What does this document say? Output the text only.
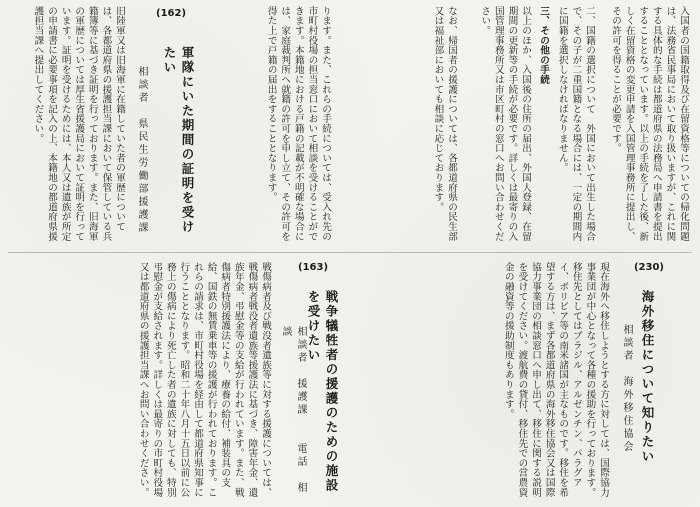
入国者の国籍取得及び在留資格等についての帰化問題は、法務省民事局において取り扱いますが、これに関する具体的な手続は都道府県の法務局へ申請書を提出することとなっています。以上の手続を了した後、新しく在留資格の変更申請を入国管理事務所に提出し、その許可を得ることが必要です。
二、国籍の選択について　外国において出生した場合で、その子が二重国籍となる場合には、一定の期間内に国籍を選択しなければなりません。
三、その他の手続
以上のほか、入国後の住所の届出、外国人登録、在留期間の更新等の手続が必要です。詳しくは最寄りの入国管理事務所又は市区町村の窓口へお問い合わせください。
なお、帰国者の援護については、各都道府県の民生部又は福祉部においても相談に応じております。
ります。また、これらの手続については、受入れ先の市町村役場の担当窓口において相談を受けることができます。本籍地における戸籍の記載が不明確な場合には、家庭裁判所へ就籍の許可を申し立て、その許可を得た上で戸籍の届出をすることとなります。
(162)
軍隊にいた期間の証明を受けたい
相談者　県民生労働部援護課
旧陸軍又は旧海軍に在籍していた者の軍歴については、各都道府県の援護担当課において保管している兵籍簿等に基づき証明を行っております。また、旧海軍の軍歴については厚生省援護局において証明を行っています。証明を受けるためには、本人又は遺族が所定の申請書に必要事項を記入の上、本籍地の都道府県援護担当課へ提出してください。
(230)
海外移住について知りたい
相談者　海外移住協会
現在海外へ移住しようとする方に対しては、国際協力事業団が中心となって各種の援助を行っております。移住先としてはブラジル、アルゼンチン、パラグアイ、ボリビア等の南米諸国が主なものです。移住を希望する方は、まず各都道府県の海外移住協会又は国際協力事業団の相談窓口へ申し出て、移住に関する説明を受けてください。渡航費の貸付、移住先での営農資金の融資等の援助制度もあります。
(163)
戦争犠牲者の援護のための施設を受けたい
相談者　援護課　　電話　相談
戦傷病者及び戦没者遺族等に対する援護については、戦傷病者戦没者遺族等援護法に基づき、障害年金、遺族年金、弔慰金等の支給が行われています。また、戦傷病者特別援護法により、療養の給付、補装具の支給、国鉄の無賃乗車等の援護が行われております。これらの請求は、市町村役場を経由して都道府県知事に行うこととなります。昭和二十年八月十五日以前に公務上の傷病により死亡した者の遺族に対しても、特別弔慰金が支給されます。詳しくは最寄りの市町村役場又は都道府県の援護担当課へお問い合わせください。
